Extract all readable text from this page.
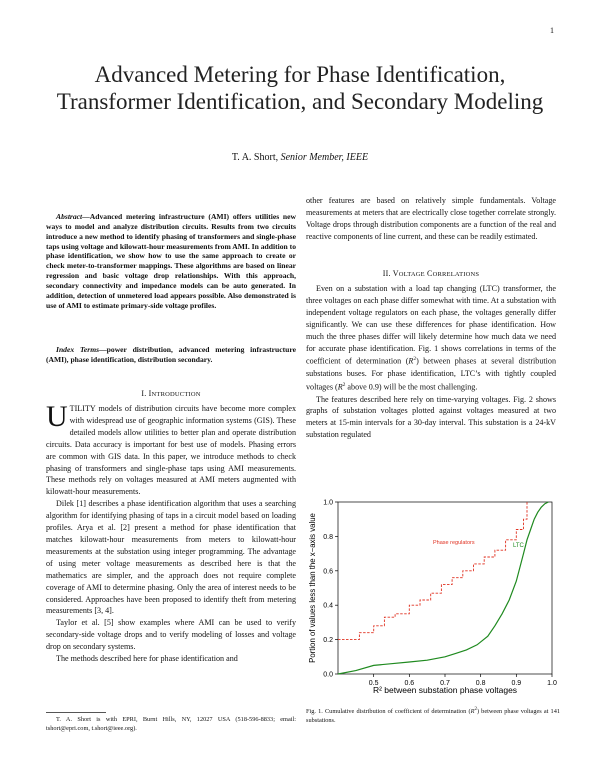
1
Advanced Metering for Phase Identification, Transformer Identification, and Secondary Modeling
T. A. Short, Senior Member, IEEE

Abstract—Advanced metering infrastructure (AMI) offers utilities new ways to model and analyze distribution circuits. Results from two circuits introduce a new method to identify phasing of transformers and single-phase taps using voltage and kilowatt-hour measurements from AMI. In addition to phase identification, we show how to use the same approach to create or check meter-to-transformer mappings. These algorithms are based on linear regression and basic voltage drop relationships. With this approach, secondary connectivity and impedance models can be auto generated. In addition, detection of unmetered load appears possible. Also demonstrated is use of AMI to estimate primary-side voltage profiles.

Index Terms—power distribution, advanced metering infrastructure (AMI), phase identification, distribution secondary.

I. INTRODUCTION

UTILITY models of distribution circuits have become more complex with widespread use of geographic information systems (GIS). These detailed models allow utilities to better plan and operate distribution circuits. Data accuracy is important for best use of models. Phasing errors are common with GIS data. In this paper, we introduce methods to check phasing of transformers and single-phase taps using AMI measurements. These methods rely on voltages measured at AMI meters augmented with kilowatt-hour measurements.

Dilek [1] describes a phase identification algorithm that uses a searching algorithm for identifying phasing of taps in a circuit model based on loading profiles. Arya et al. [2] present a method for phase identification that matches kilowatt-hour measurements from meters to kilowatt-hour measurements at the substation using integer programming. The advantage of using meter voltage measurements as described here is that the mathematics are simpler, and the approach does not require complete coverage of AMI to determine phasing. Only the area of interest needs to be considered. Approaches have been proposed to identify theft from metering measurements [3, 4].

Taylor et al. [5] show examples where AMI can be used to verify secondary-side voltage drops and to verify modeling of losses and voltage drop on secondary systems.

The methods described here for phase identification and

T. A. Short is with EPRI, Burnt Hills, NY, 12027 USA (518-596-8833; email: tshort@epri.com, t.short@ieee.org).

other features are based on relatively simple fundamentals. Voltage measurements at meters that are electrically close together correlate strongly. Voltage drops through distribution components are a function of the real and reactive components of line current, and these can be readily estimated.

II. VOLTAGE CORRELATIONS

Even on a substation with a load tap changing (LTC) transformer, the three voltages on each phase differ somewhat with time. At a substation with independent voltage regulators on each phase, the voltages generally differ significantly. We can use these differences for phase identification. How much the three phases differ will likely determine how much data we need for accurate phase identification. Fig. 1 shows correlations in terms of the coefficient of determination $(R^2)$ between phases at several distribution substations buses. For phase identification, LTC’s with tightly coupled voltages ($R^2$ above 0.9) will be the most challenging.

The features described here rely on time-varying voltages. Fig. 2 shows graphs of substation voltages plotted against voltages measured at two meters at 15-min intervals for a 30-day interval. This substation is a 24-kV substation regulated

0.5	0.6	0.7	0.8	0.9	1.0
0.0
0.2
0.4
0.6
0.8
1.0
R² between substation phase voltages
Portion of values less than the x−axis value	Phase regulators	LTC

Fig. 1. Cumulative distribution of coefficient of determination $(R^2)$ between phase voltages at 141 substations.
